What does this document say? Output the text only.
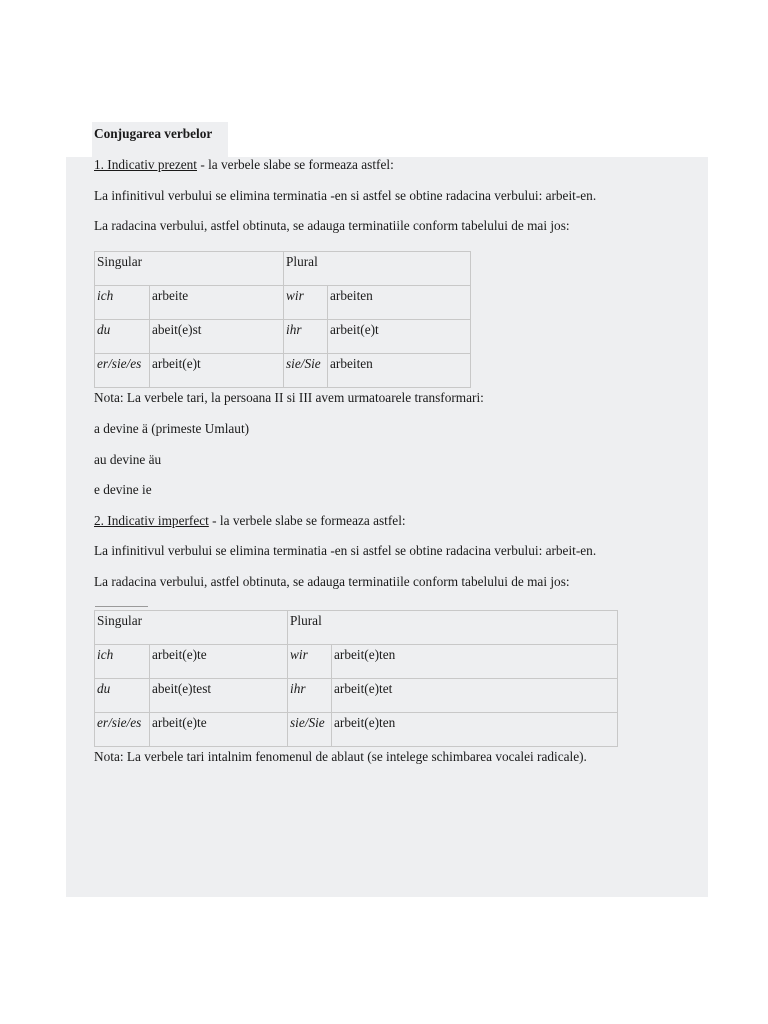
Conjugarea verbelor
1. Indicativ prezent - la verbele slabe se formeaza astfel:
La infinitivul verbului se elimina terminatia -en si astfel se obtine radacina verbului: arbeit-en.
La radacina verbului, astfel obtinuta, se adauga terminatiile conform tabelului de mai jos:
Singular		Plural	
ich	arbeite	wir	arbeiten
du	abeit(e)st	ihr	arbeit(e)t
er/sie/es	arbeit(e)t	sie/Sie	arbeiten
Nota: La verbele tari, la persoana II si III avem urmatoarele transformari:
a devine ä (primeste Umlaut)
au devine äu
e devine ie
2. Indicativ imperfect - la verbele slabe se formeaza astfel:
La infinitivul verbului se elimina terminatia -en si astfel se obtine radacina verbului: arbeit-en.
La radacina verbului, astfel obtinuta, se adauga terminatiile conform tabelului de mai jos:
Singular		Plural	
ich	arbeit(e)te	wir	arbeit(e)ten
du	abeit(e)test	ihr	arbeit(e)tet
er/sie/es	arbeit(e)te	sie/Sie	arbeit(e)ten
Nota: La verbele tari intalnim fenomenul de ablaut (se intelege schimbarea vocalei radicale).
